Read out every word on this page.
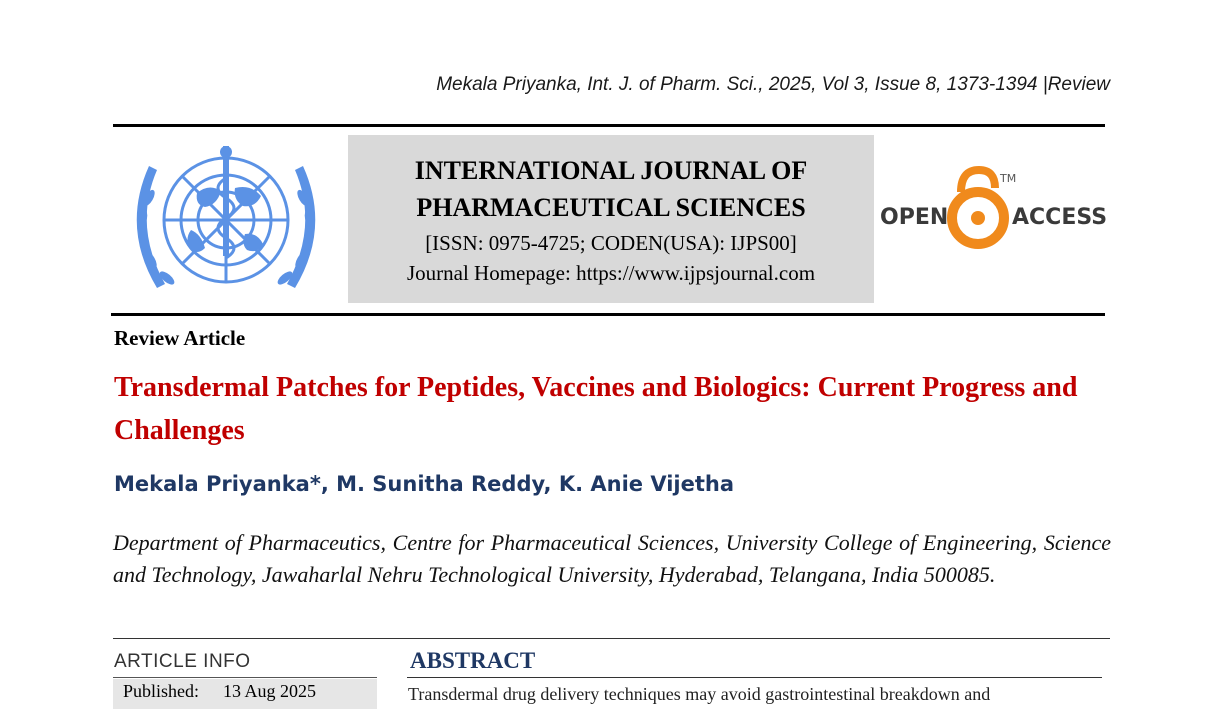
Mekala Priyanka, Int. J. of Pharm. Sci., 2025, Vol 3, Issue 8, 1373-1394 |Review
INTERNATIONAL JOURNAL OF
PHARMACEUTICAL SCIENCES
[ISSN: 0975-4725; CODEN(USA): IJPS00]
Journal Homepage: https://www.ijpsjournal.com
OPEN
TM
ACCESS
Review Article
Transdermal Patches for Peptides, Vaccines and Biologics: Current Progress and Challenges
Mekala Priyanka*, M. Sunitha Reddy, K. Anie Vijetha
Department of Pharmaceutics, Centre for Pharmaceutical Sciences, University College of Engineering, Science and Technology, Jawaharlal Nehru Technological University, Hyderabad, Telangana, India 500085.
ARTICLE INFO
Published: 13 Aug 2025
ABSTRACT
Transdermal drug delivery techniques may avoid gastrointestinal breakdown and
